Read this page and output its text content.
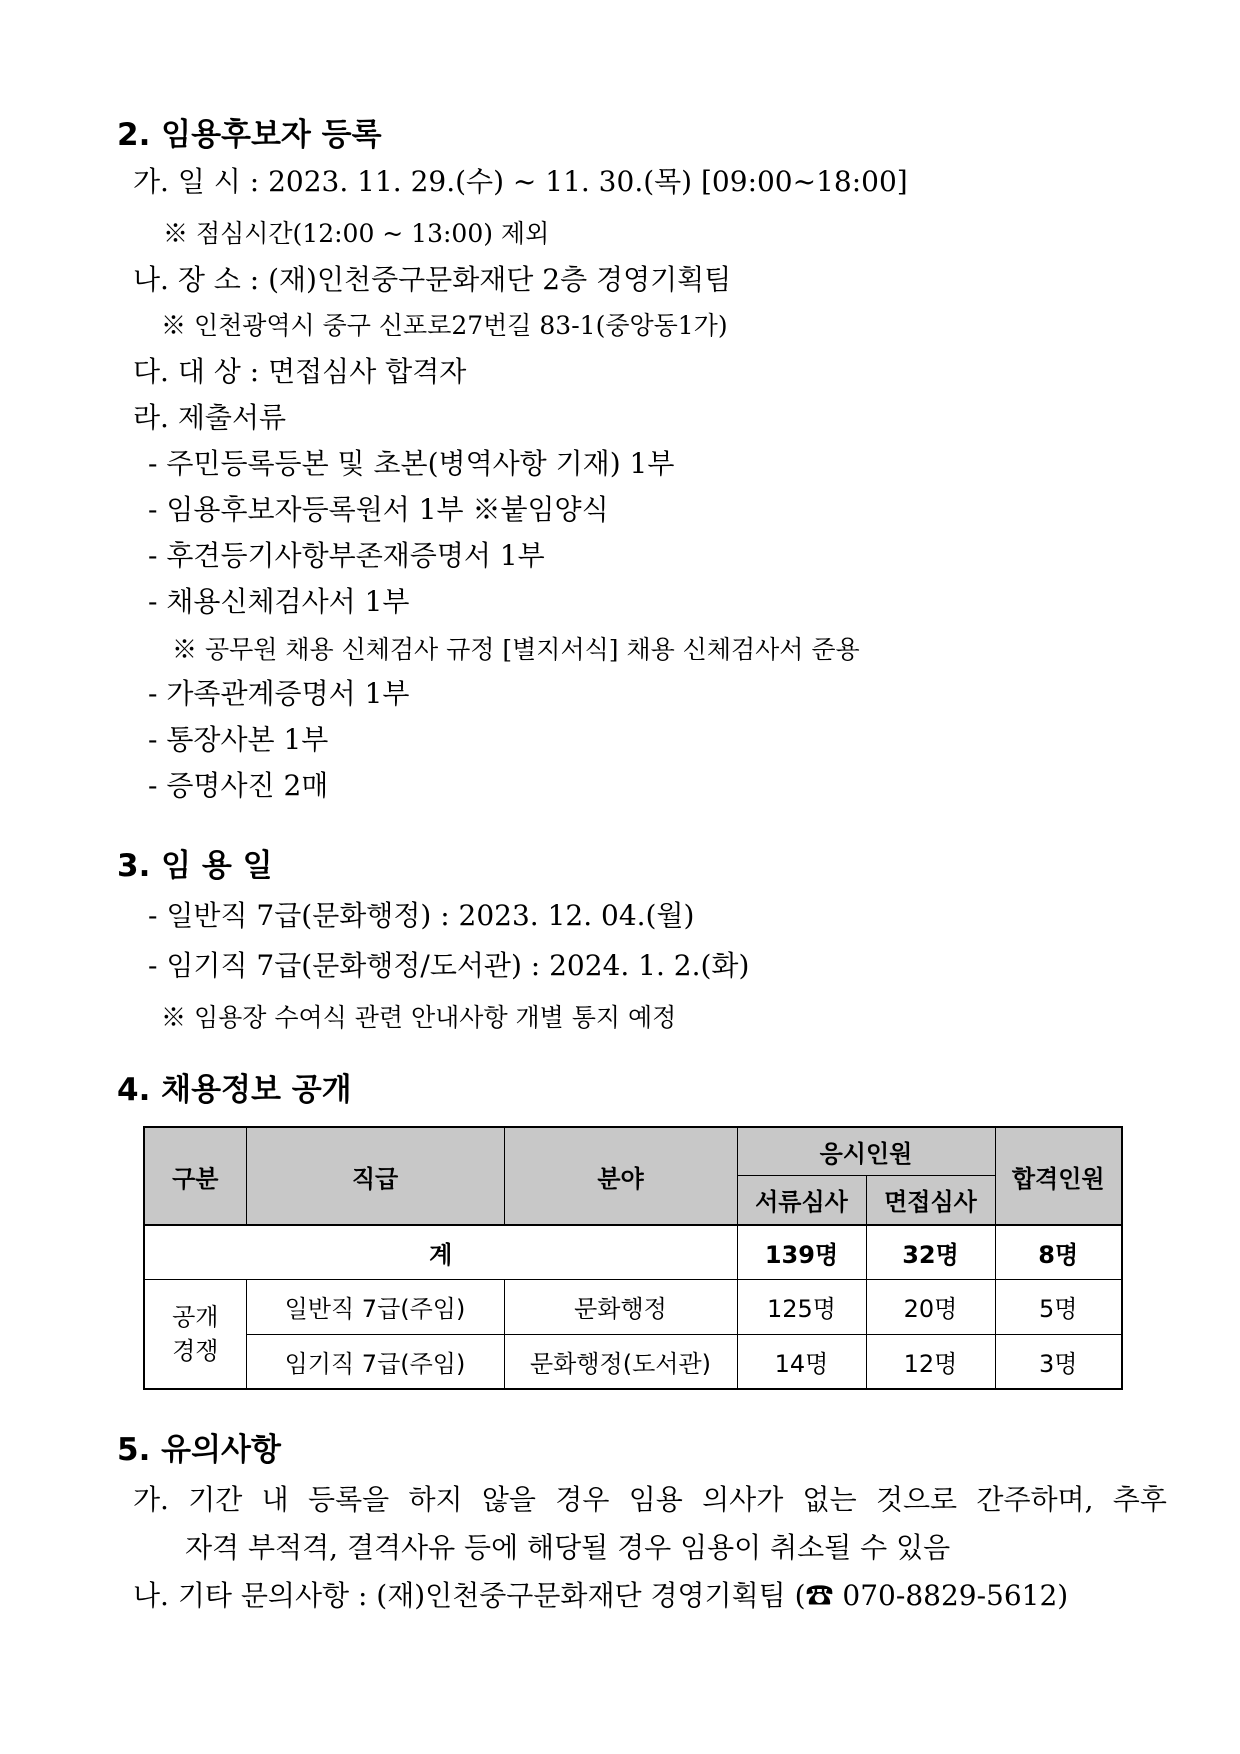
2. 임용후보자 등록
가. 일 시 : 2023. 11. 29.(수) ~ 11. 30.(목) [09:00~18:00]
※ 점심시간(12:00 ~ 13:00) 제외
나. 장 소 : (재)인천중구문화재단 2층 경영기획팀
※ 인천광역시 중구 신포로27번길 83-1(중앙동1가)
다. 대 상 : 면접심사 합격자
라. 제출서류
- 주민등록등본 및 초본(병역사항 기재) 1부
- 임용후보자등록원서 1부 ※붙임양식
- 후견등기사항부존재증명서 1부
- 채용신체검사서 1부
※ 공무원 채용 신체검사 규정 [별지서식] 채용 신체검사서 준용
- 가족관계증명서 1부
- 통장사본 1부
- 증명사진 2매
3. 임 용 일
- 일반직 7급(문화행정) : 2023. 12. 04.(월)
- 임기직 7급(문화행정/도서관) : 2024. 1. 2.(화)
※ 임용장 수여식 관련 안내사항 개별 통지 예정
4. 채용정보 공개
구분	직급	분야	응시인원		합격인원
			서류심사	면접심사	
계			139명	32명	8명

공개
경쟁	일반직 7급(주임)	문화행정	125명	20명	5명
	임기직 7급(주임)	문화행정(도서관)	14명	12명	3명
5. 유의사항
가. 기간 내 등록을 하지 않을 경우 임용 의사가 없는 것으로 간주하며, 추후
자격 부적격, 결격사유 등에 해당될 경우 임용이 취소될 수 있음
나. 기타 문의사항 : (재)인천중구문화재단 경영기획팀 (☎ 070-8829-5612)
